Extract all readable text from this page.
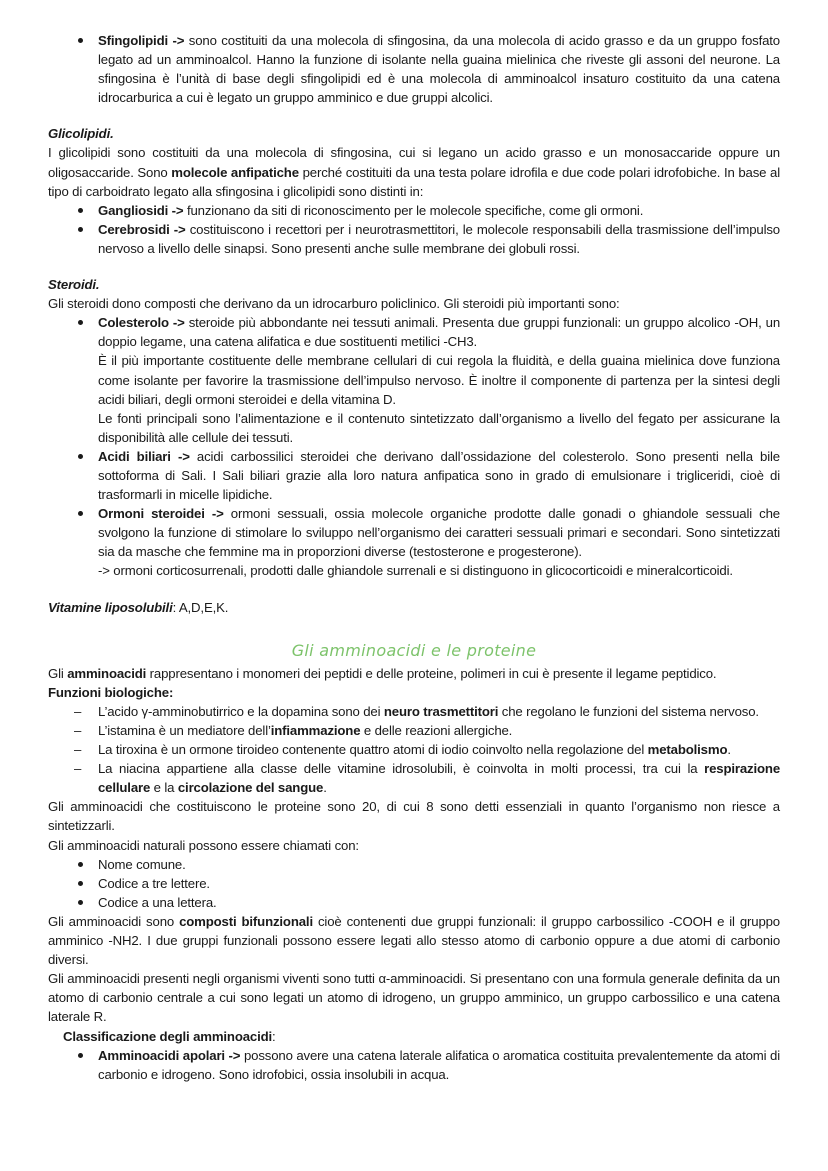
Sfingolipidi -> sono costituiti da una molecola di sfingosina, da una molecola di acido grasso e da un gruppo fosfato legato ad un amminoalcol. Hanno la funzione di isolante nella guaina mielinica che riveste gli assoni del neurone. La sfingosina è l’unità di base degli sfingolipidi ed è una molecola di amminoalcol insaturo costituito da una catena idrocarburica a cui è legato un gruppo amminico e due gruppi alcolici.

Glicolipidi.

I glicolipidi sono costituiti da una molecola di sfingosina, cui si legano un acido grasso e un monosaccaride oppure un oligosaccaride. Sono molecole anfipatiche perché costituiti da una testa polare idrofila e due code polari idrofobiche. In base al tipo di carboidrato legato alla sfingosina i glicolipidi sono distinti in:

Gangliosidi -> funzionano da siti di riconoscimento per le molecole specifiche, come gli ormoni.
Cerebrosidi -> costituiscono i recettori per i neurotrasmettitori, le molecole responsabili della trasmissione dell’impulso nervoso a livello delle sinapsi. Sono presenti anche sulle membrane dei globuli rossi.

Steroidi.

Gli steroidi dono composti che derivano da un idrocarburo policlinico. Gli steroidi più importanti sono:

Colesterolo -> steroide più abbondante nei tessuti animali. Presenta due gruppi funzionali: un gruppo alcolico -OH, un doppio legame, una catena alifatica e due sostituenti metilici -CH3.

È il più importante costituente delle membrane cellulari di cui regola la fluidità, e della guaina mielinica dove funziona come isolante per favorire la trasmissione dell’impulso nervoso. È inoltre il componente di partenza per la sintesi degli acidi biliari, degli ormoni steroidei e della vitamina D.

Le fonti principali sono l’alimentazione e il contenuto sintetizzato dall’organismo a livello del fegato per assicurane la disponibilità alle cellule dei tessuti.

Acidi biliari -> acidi carbossilici steroidei che derivano dall’ossidazione del colesterolo. Sono presenti nella bile sottoforma di Sali. I Sali biliari grazie alla loro natura anfipatica sono in grado di emulsionare i trigliceridi, cioè di trasformarli in micelle lipidiche.
Ormoni steroidei -> ormoni sessuali, ossia molecole organiche prodotte dalle gonadi o ghiandole sessuali che svolgono la funzione di stimolare lo sviluppo nell’organismo dei caratteri sessuali primari e secondari. Sono sintetizzati sia da masche che femmine ma in proporzioni diverse (testosterone e progesterone).

-> ormoni corticosurrenali, prodotti dalle ghiandole surrenali e si distinguono in glicocorticoidi e mineralcorticoidi.

Vitamine liposolubili: A,D,E,K.

Gli amminoacidi e le proteine

Gli amminoacidi rappresentano i monomeri dei peptidi e delle proteine, polimeri in cui è presente il legame peptidico.

Funzioni biologiche:

– L’acido γ-amminobutirrico e la dopamina sono dei neuro trasmettitori che regolano le funzioni del sistema nervoso.
– L’istamina è un mediatore dell’infiammazione e delle reazioni allergiche.
– La tiroxina è un ormone tiroideo contenente quattro atomi di iodio coinvolto nella regolazione del metabolismo.
– La niacina appartiene alla classe delle vitamine idrosolubili, è coinvolta in molti processi, tra cui la respirazione cellulare e la circolazione del sangue.

Gli amminoacidi che costituiscono le proteine sono 20, di cui 8 sono detti essenziali in quanto l’organismo non riesce a sintetizzarli.

Gli amminoacidi naturali possono essere chiamati con:

Nome comune.
Codice a tre lettere.
Codice a una lettera.

Gli amminoacidi sono composti bifunzionali cioè contenenti due gruppi funzionali: il gruppo carbossilico -COOH e il gruppo amminico -NH2. I due gruppi funzionali possono essere legati allo stesso atomo di carbonio oppure a due atomi di carbonio diversi.

Gli amminoacidi presenti negli organismi viventi sono tutti α-amminoacidi. Si presentano con una formula generale definita da un atomo di carbonio centrale a cui sono legati un atomo di idrogeno, un gruppo amminico, un gruppo carbossilico e una catena laterale R.

Classificazione degli amminoacidi:

Amminoacidi apolari -> possono avere una catena laterale alifatica o aromatica costituita prevalentemente da atomi di carbonio e idrogeno. Sono idrofobici, ossia insolubili in acqua.
